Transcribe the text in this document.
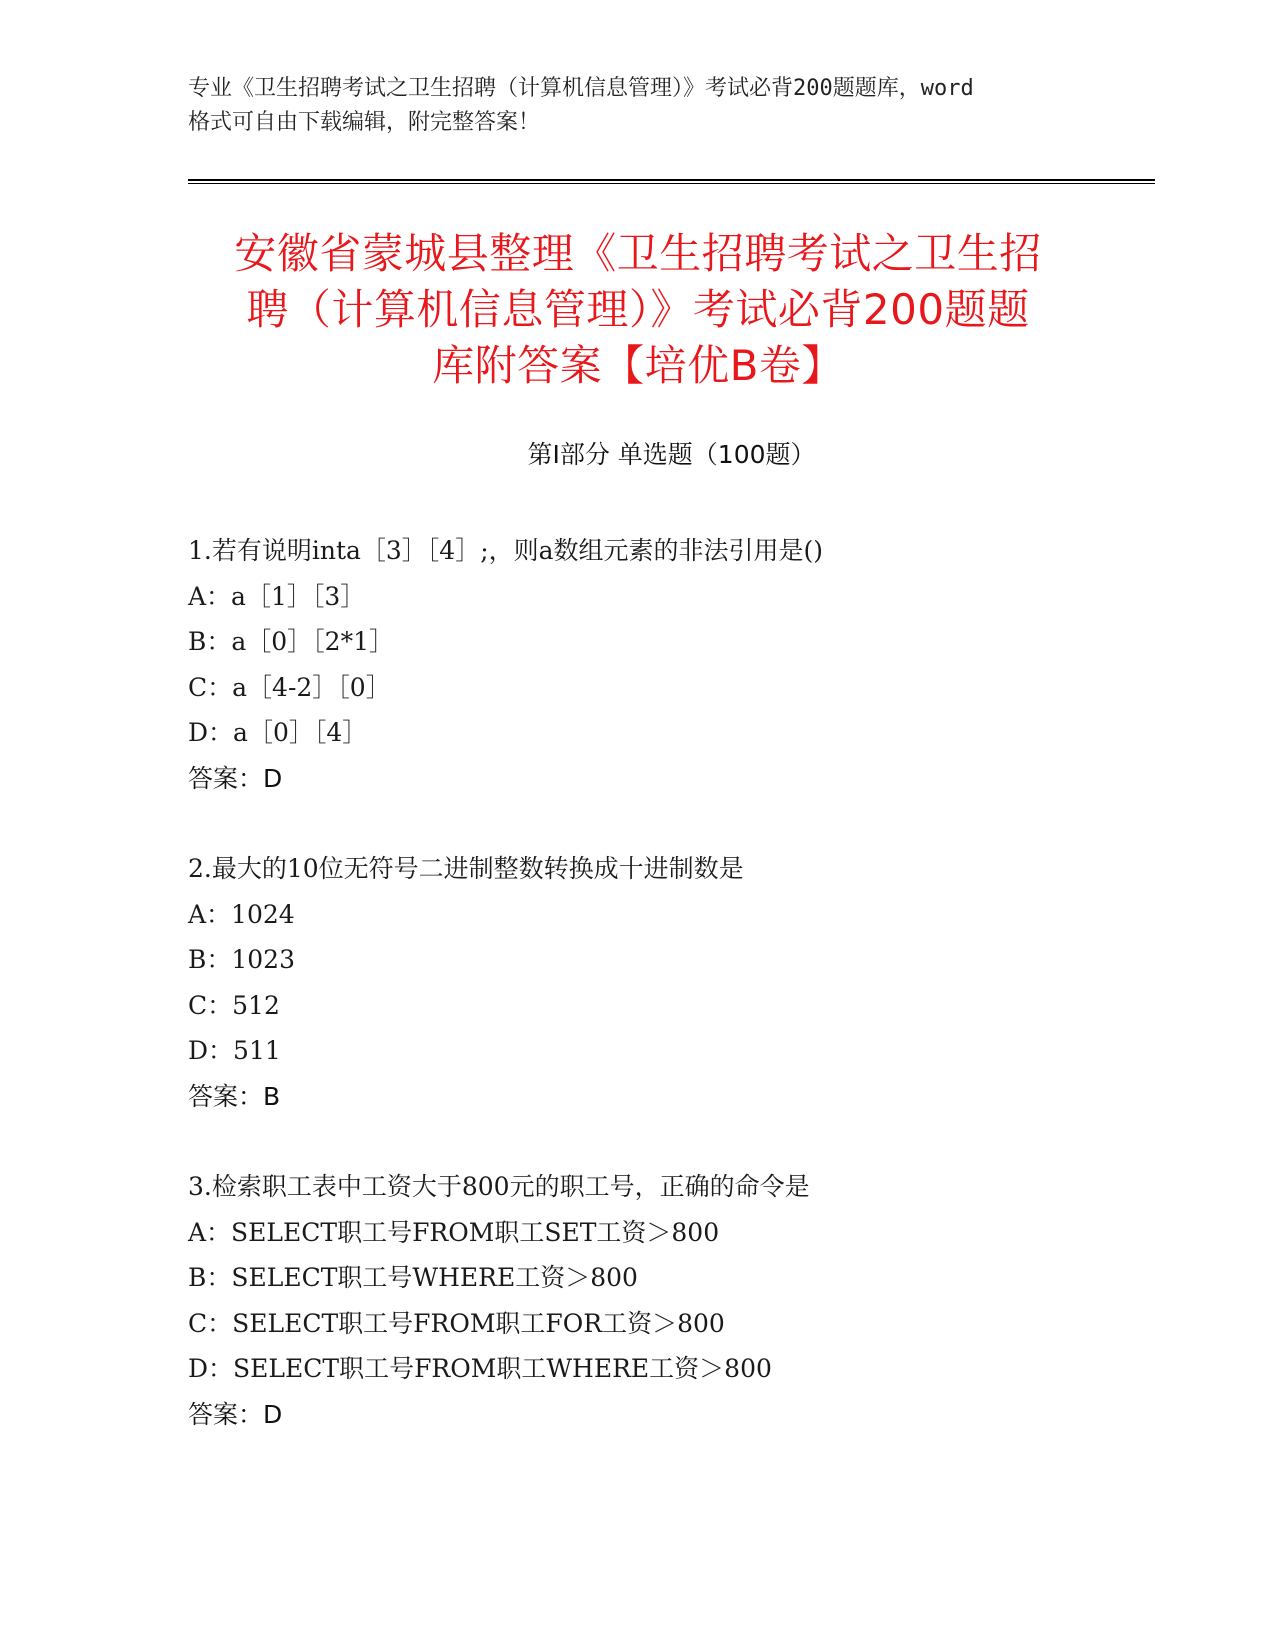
专业《卫生招聘考试之卫生招聘（计算机信息管理）》考试必背200题题库，word
格式可自由下载编辑，附完整答案！
安徽省蒙城县整理《卫生招聘考试之卫生招
聘（计算机信息管理）》考试必背200题题
库附答案【培优B卷】
第Ⅰ部分 单选题（100题）
1.若有说明inta［3］［4］;，则a数组元素的非法引用是()
A：a［1］［3］
B：a［0］［2*1］
C：a［4-2］［0］
D：a［0］［4］
答案：D
2.最大的10位无符号二进制整数转换成十进制数是
A：1024
B：1023
C：512
D：511
答案：B
3.检索职工表中工资大于800元的职工号，正确的命令是
A：SELECT职工号FROM职工SET工资＞800
B：SELECT职工号WHERE工资＞800
C：SELECT职工号FROM职工FOR工资＞800
D：SELECT职工号FROM职工WHERE工资＞800
答案：D
